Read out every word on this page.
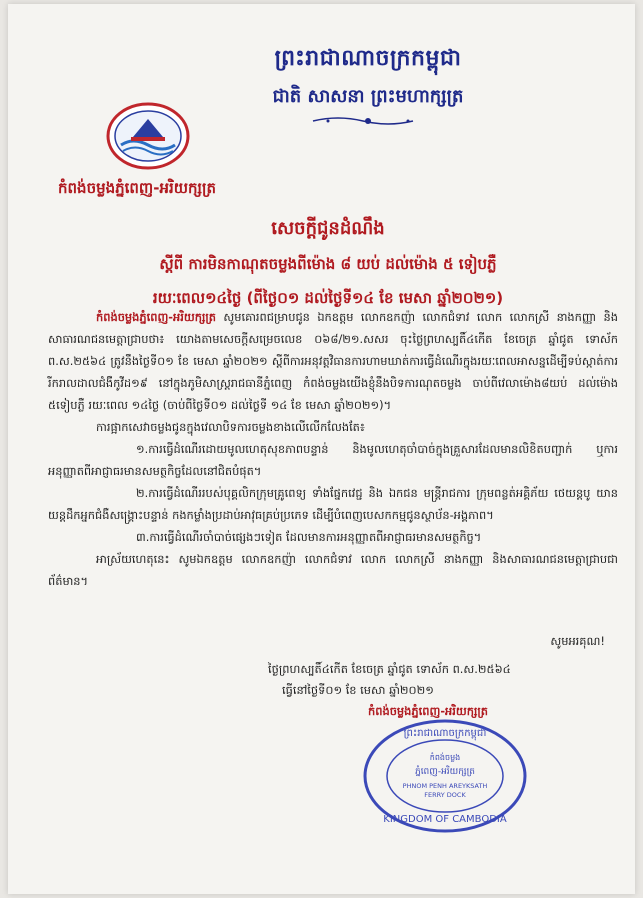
ព្រះរាជាណាចក្រកម្ពុជា
ជាតិ សាសនា ព្រះមហាក្សត្រ
កំពង់ចម្លងភ្នំពេញ-អរិយក្សត្រ
សេចក្តីជូនដំណឹង
ស្តីពី ការមិនកាណុតចម្លងពីម៉ោង ៨ យប់ ដល់ម៉ោង ៥ ទៀបភ្លឺ
រយៈពេល១៤ថ្ងៃ (ពីថ្ងៃ០១ ដល់ថ្ងៃទី១៤ ខែ មេសា ឆ្នាំ២០២១)

កំពង់ចម្លងភ្នំពេញ-អរិយក្សត្រ សូមគោរពជម្រាបជូន ឯកឧត្តម លោកឧកញ៉ា លោកជំទាវ លោក លោកស្រី នាងកញ្ញា និងសាធារណជនមេត្តាជ្រាបថា៖ យោងតាមសេចក្តីសម្រេចលេខ ០៦៨/២១.សសរ ចុះថ្ងៃព្រហស្បតិ៍៤កើត ខែចេត្រ ឆ្នាំជូត ទោស័ក ព.ស.២៥៦៤ ត្រូវនឹងថ្ងៃទី០១ ខែ មេសា ឆ្នាំ២០២១ ស្តីពីការអនុវត្តវិធានការហាមឃាត់ការធ្វើដំណើរក្នុងរយៈពេលអាសន្នដើម្បីទប់ស្កាត់ការរីករាលដាលជំងឺកូវីដ១៩ នៅក្នុងភូមិសាស្ត្ររាជធានីភ្នំពេញ កំពង់ចម្លងយើងខ្ញុំនឹងបិទការណុតចម្លង ចាប់ពីវេលាម៉ោង៨យប់ ដល់ម៉ោង ៥ទៀបភ្លឺ រយៈពេល ១៤ថ្ងៃ (ចាប់ពីថ្ងៃទី០១ ដល់ថ្ងៃទី ១៤ ខែ មេសា ឆ្នាំ២០២១)។

ការផ្អាកសេវាចម្លងជូនក្នុងវេលាបិទការចម្លងខាងលើលើកលែងតែ៖

១.ការធ្វើដំណើរដោយមូលហេតុសុខភាពបន្ទាន់ និងមូលហេតុចាំបាច់ក្នុងគ្រួសារដែលមានលិខិតបញ្ជាក់ ឬការអនុញ្ញាតពីអាជ្ញាធរមានសមត្ថកិច្ចដែលនៅជិតបំផុត។

២.ការធ្វើដំណើររបស់បុគ្គលិកក្រុមគ្រូពេទ្យ ទាំងផ្នែកវេជ្ជ និង ឯកជន មន្ត្រីរាជការ ក្រុមពន្លត់អគ្គិភ័យ ថេយន្តបូ យានយន្តដឹកអ្នកជំងឺសង្គ្រោះបន្ទាន់ កងកម្លាំងប្រដាប់អាវុធគ្រប់ប្រភេទ ដើម្បីបំពេញបេសកកម្មជូនស្ថាប័ន-អង្គភាព។

៣.ការធ្វើដំណើរចាំបាច់ផ្សេងៗទៀត ដែលមានការអនុញ្ញាតពីអាជ្ញាធរមានសមត្ថកិច្ច។

អាស្រ័យហេតុនេះ សូមឯកឧត្តម លោកឧកញ៉ា លោកជំទាវ លោក លោកស្រី នាងកញ្ញា និងសាធារណជនមេត្តាជ្រាបជាព័ត៌មាន។

សូមអរគុណ!
ថ្ងៃព្រហស្បតិ៍៤កើត ខែចេត្រ ឆ្នាំជូត ទោស័ក ព.ស.២៥៦៤
ធ្វើនៅថ្ងៃទី០១ ខែ មេសា ឆ្នាំ២០២១
កំពង់ចម្លងភ្នំពេញ-អរិយក្សត្រ
ព្រះរាជាណាចក្រកម្ពុជា
កំពង់ចម្លង
ភ្នំពេញ-អរិយក្សត្រ
PHNOM PENH AREYKSATH
FERRY DOCK
KINGDOM OF CAMBODIA
